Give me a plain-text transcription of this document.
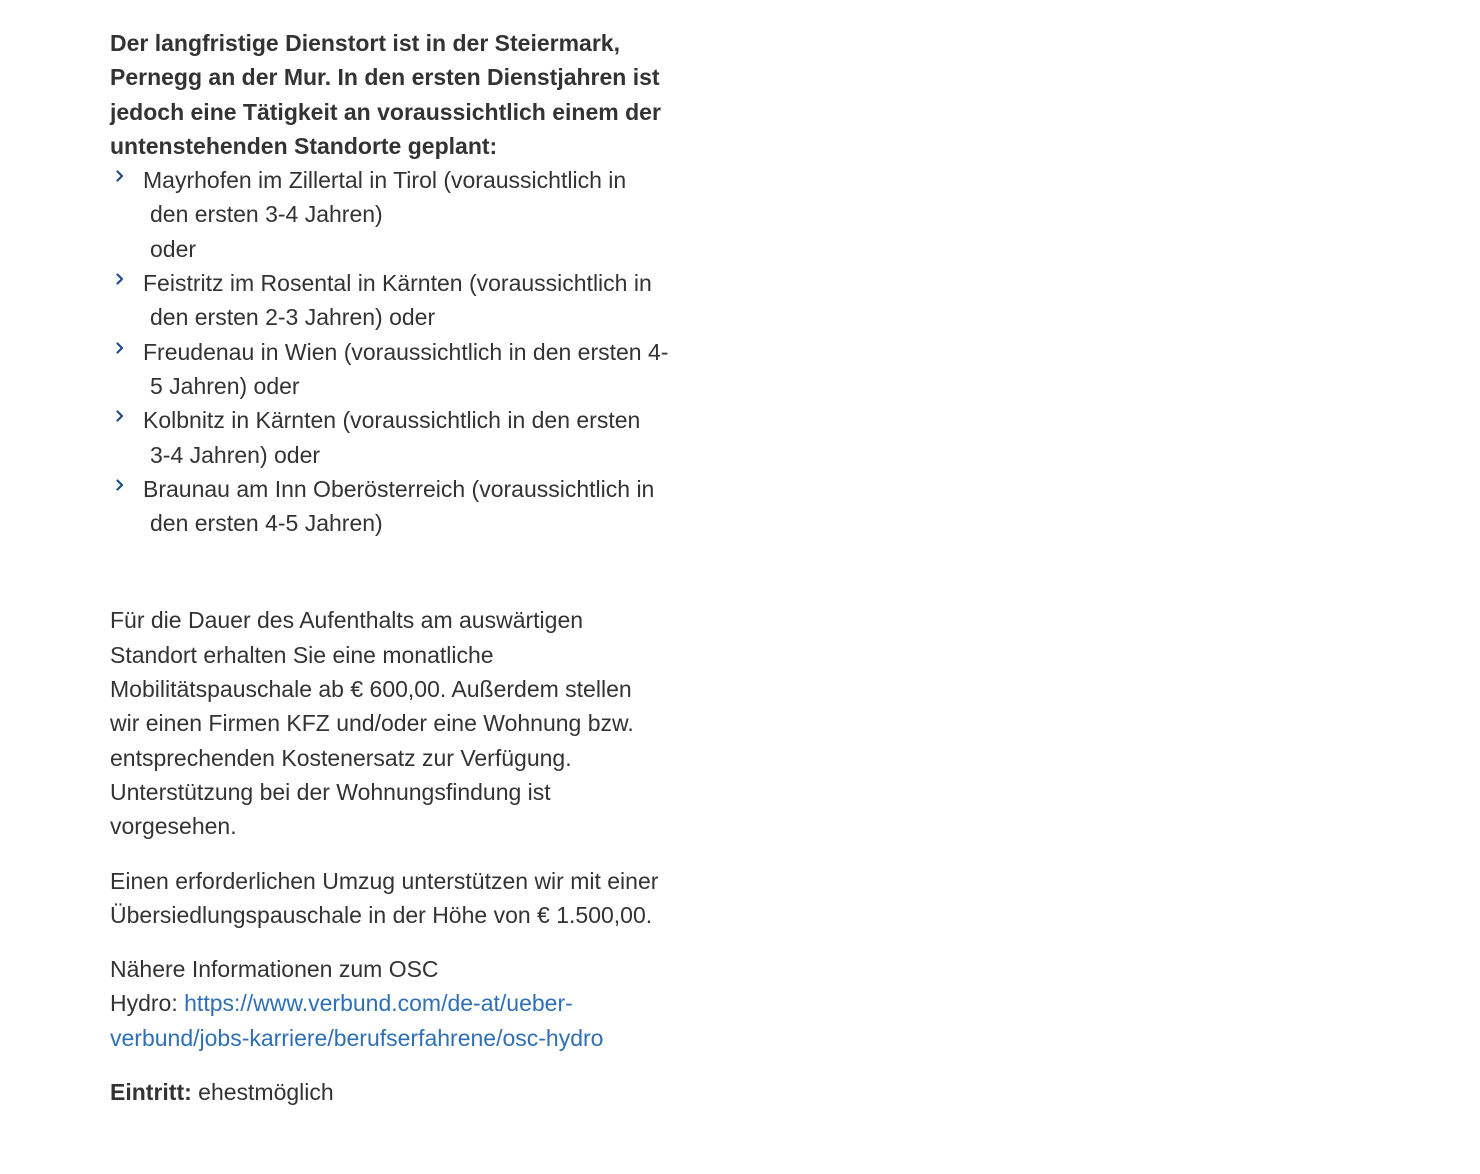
Der langfristige Dienstort ist in der Steiermark,
Pernegg an der Mur. In den ersten Dienstjahren ist
jedoch eine Tätigkeit an voraussichtlich einem der
untenstehenden Standorte geplant:

Mayrhofen im Zillertal in Tirol (voraussichtlich in
den ersten 3-4 Jahren)
oder
Feistritz im Rosental in Kärnten (voraussichtlich in
den ersten 2-3 Jahren) oder
Freudenau in Wien (voraussichtlich in den ersten 4-
5 Jahren) oder
Kolbnitz in Kärnten (voraussichtlich in den ersten
3-4 Jahren) oder
Braunau am Inn Oberösterreich (voraussichtlich in
den ersten 4-5 Jahren)

Für die Dauer des Aufenthalts am auswärtigen
Standort erhalten Sie eine monatliche
Mobilitätspauschale ab € 600,00. Außerdem stellen
wir einen Firmen KFZ und/oder eine Wohnung bzw.
entsprechenden Kostenersatz zur Verfügung.
Unterstützung bei der Wohnungsfindung ist
vorgesehen.

Einen erforderlichen Umzug unterstützen wir mit einer
Übersiedlungspauschale in der Höhe von € 1.500,00.

Nähere Informationen zum OSC
Hydro: https://www.verbund.com/de-at/ueber-
verbund/jobs-karriere/berufserfahrene/osc-hydro

Eintritt: ehestmöglich
